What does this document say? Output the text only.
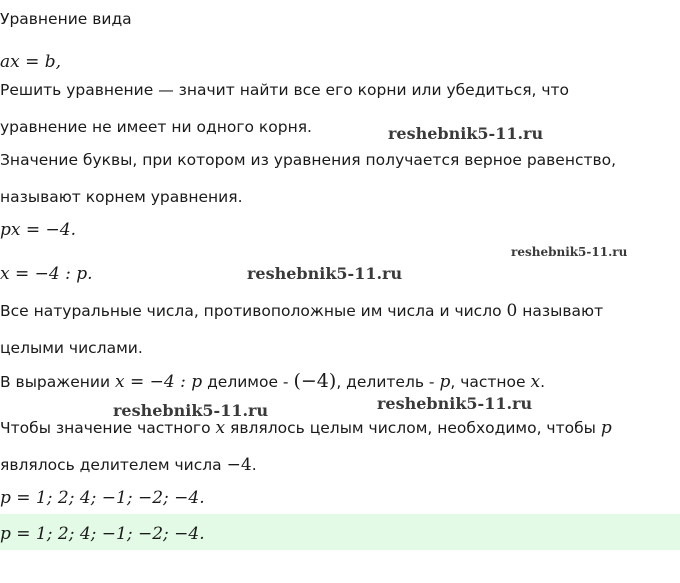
Уравнение вида
ax = b,
Решить уравнение — значит найти все его корни или убедиться, что
уравнение не имеет ни одного корня.
Значение буквы, при котором из уравнения получается верное равенство,
называют корнем уравнения.
px = −4.
x = −4 : p.
Все натуральные числа, противоположные им числа и число 0 называют
целыми числами.
В выражении x = −4 : p делимое - (−4), делитель - p, частное x.
Чтобы значение частного x являлось целым числом, необходимо, чтобы p
являлось делителем числа −4.
p = 1; 2; 4; −1; −2; −4.
p = 1; 2; 4; −1; −2; −4.
reshebnik5-11.ru
reshebnik5-11.ru
reshebnik5-11.ru
reshebnik5-11.ru
reshebnik5-11.ru
